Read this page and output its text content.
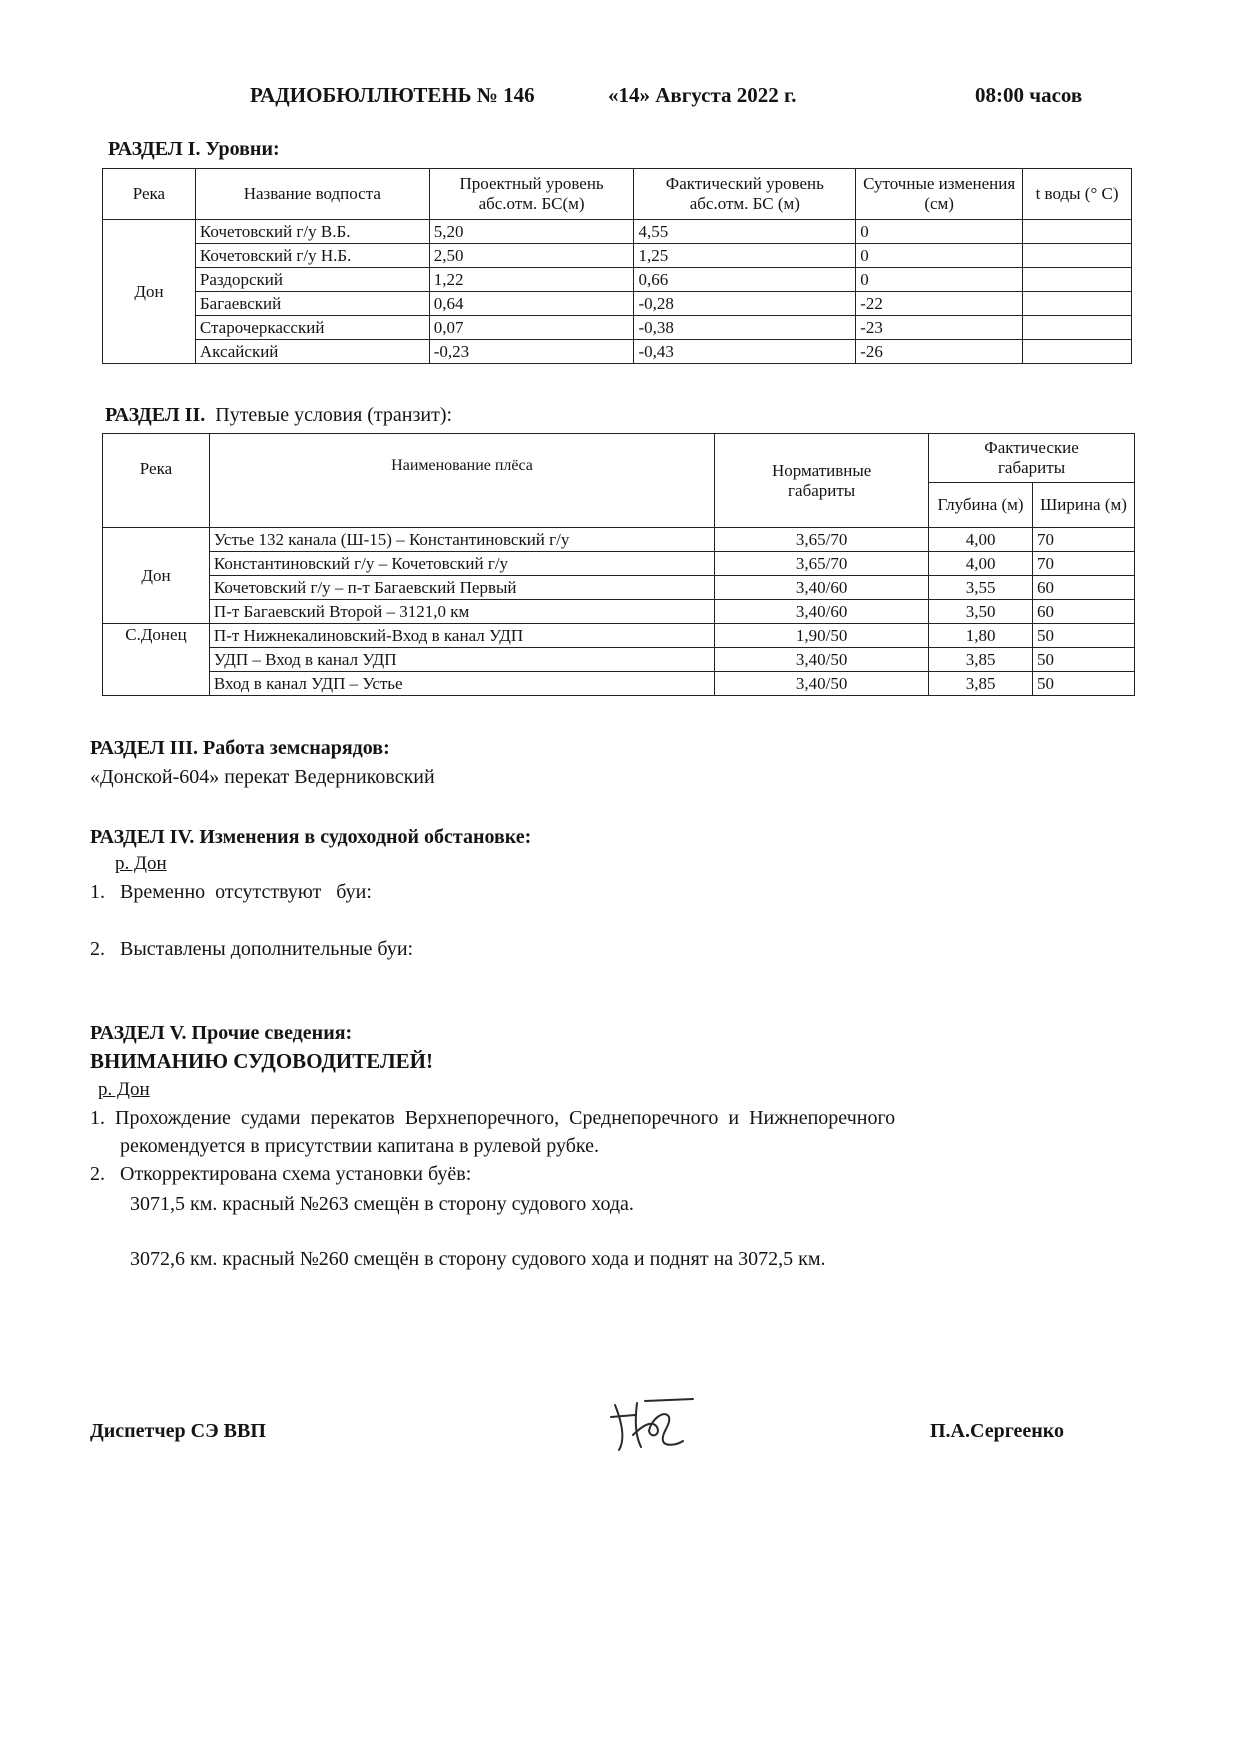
РАДИОБЮЛЛЮТЕНЬ № 146	«14» Августа 2022 г.	08:00 часов
РАЗДЕЛ I. Уровни:
Река	Название водпоста	Проектный уровень абс.отм. БС(м)	Фактический уровень абс.отм. БС (м)	Суточные изменения (см)	t воды (° С)
Дон	Кочетовский г/у В.Б.	5,20	4,55	0	
	Кочетовский г/у Н.Б.	2,50	1,25	0	
	Раздорский	1,22	0,66	0	
	Багаевский	0,64	-0,28	-22	
	Старочеркасский	0,07	-0,38	-23	
	Аксайский	-0,23	-0,43	-26	
РАЗДЕЛ II. Путевые условия (транзит):
Река	Наименование плёса	Нормативные габариты	Фактические габариты	
			Глубина (м)	Ширина (м)
Дон	Устье 132 канала (Ш-15) – Константиновский г/у	3,65/70	4,00	70
	Константиновский г/у – Кочетовский г/у	3,65/70	4,00	70
	Кочетовский г/у – п-т Багаевский Первый	3,40/60	3,55	60
	П-т Багаевский Второй – 3121,0 км	3,40/60	3,50	60
С.Донец	П-т Нижнекалиновский-Вход в канал УДП	1,90/50	1,80	50
	УДП – Вход в канал УДП	3,40/50	3,85	50
	Вход в канал УДП – Устье	3,40/50	3,85	50
РАЗДЕЛ III. Работа земснарядов:
«Донской-604» перекат Ведерниковский
РАЗДЕЛ IV. Изменения в судоходной обстановке:
р. Дон
1.   Временно  отсутствуют   буи:
2.   Выставлены дополнительные буи:
РАЗДЕЛ V. Прочие сведения:
ВНИМАНИЮ СУДОВОДИТЕЛЕЙ!
р. Дон
1.  Прохождение  судами  перекатов  Верхнепоречного,  Среднепоречного  и  Нижнепоречного
рекомендуется в присутствии капитана в рулевой рубке.
2.   Откорректирована схема установки буёв:
3071,5 км. красный №263 смещён в сторону судового хода.
3072,6 км. красный №260 смещён в сторону судового хода и поднят на 3072,5 км.
Диспетчер СЭ ВВП	П.А.Сергеенко
